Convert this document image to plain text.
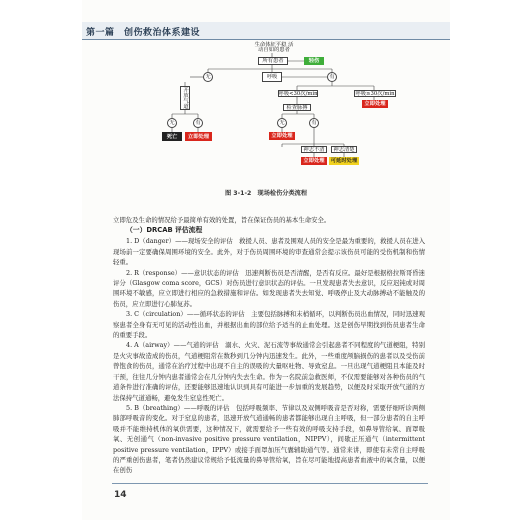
第一篇　创伤救治体系建设
生命体征平稳 活动自如的患者
所有患者	轻伤
无	呼吸	有
开放气道
无	有
死亡	立即处理
呼吸<30次/min	呼吸≥30次/min
立即处理
检查脉搏
无	有
立即处理
神志不清	神志清楚
立即处理	可延时处理
图 3-1-2　现场检伤分类流程

立即危及生命的情况给予最简单有效的处置，旨在保证伤员的基本生命安全。

（一）DRCAB 评估流程

1. D（danger）——现场安全的评估　救援人员、患者及围观人员的安全是最为重要的，救援人员在进入现场前一定要确保周围环境的安全。此外，对于伤员周围环境的审查通常会提示该伤员可能的受伤机制和伤情轻重。

2. R（response）——意识状态的评估　迅速判断伤员是否清醒，是否有反应。最好是根据格拉斯哥昏迷评分（Glasgow coma score，GCS）对伤员进行意识状态的评估。一旦发现患者失去意识，反应迟钝或对周围环境不敏感，应立即进行相应的急救措施和评估。如发现患者失去知觉、呼吸停止及大动脉搏动不能触及的伤员，应立即进行心肺复苏。

3. C（circulation）——循环状态的评估　主要包括脉搏和末梢循环，以判断伤员出血情况，同时迅速观察患者全身有无可见的活动性出血，并根据出血的部位给予适当的止血处理。这是创伤早期找到伤员患者生命的重要手段。

4. A（airway）——气道的评估　溺水、火灾、泥石流等事故通常会引起患者不同程度的气道梗阻，特别是火灾事故造成的伤员，气道梗阻常在数秒到几分钟内迅速发生。此外，一些重度颅脑损伤的患者以及受伤前曾饱食的伤员，通常在治疗过程中出现不自主的误吸的大量呕吐物、导致窒息。一旦出现气道梗阻且本能及时干预，往往几分钟内患者通常会在几分钟内失去生命。作为一名院前急救医师，不仅需要能够对各种伤员的气道条件进行准确的评估，还要能够迅速地认识到具有可能进一步加重的发展趋势，以便及时采取开放气道的方法保持气道通畅，避免发生窒息性死亡。

5. B（breathing）——呼吸的评估　包括呼吸频率、节律以及双侧呼吸音是否对称，需要仔细听诊两侧肺部呼吸音的变化。对于窒息的患者，迅速开放气道通畅的患者都能够出现自主呼吸，但一部分患者的自主呼吸并不能维持机体的氧供需要，这种情况下，就需要给予一些有效的呼吸支持手段，如鼻导管给氧、面罩吸氧、无创通气（non-invasive positive pressure ventilation，NIPPV），间歇正压通气（intermittent positive pressure ventilation，IPPV）或接手面罩加压气囊辅助通气等。通常来讲，即使有未常自主呼吸的严重创伤患者，笔者仍然建议常规给予低流量的鼻导管给氧，旨在尽可能地提高患者血液中的氧含量，以便在创伤

14
